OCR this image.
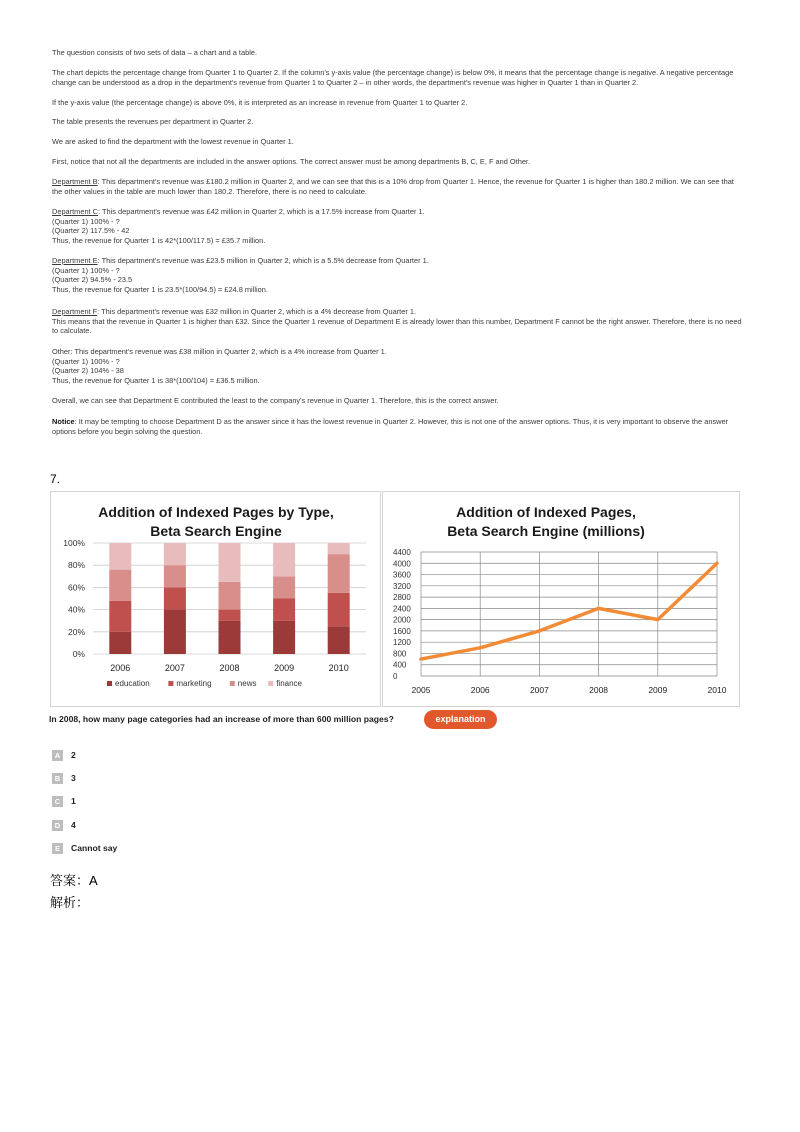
The question consists of two sets of data – a chart and a table.

The chart depicts the percentage change from Quarter 1 to Quarter 2. If the column's y-axis value (the percentage change) is below 0%, it means that the percentage change is negative. A negative percentage change can be understood as a drop in the department's revenue from Quarter 1 to Quarter 2 – in other words, the department's revenue was higher in Quarter 1 than in Quarter 2.

If the y-axis value (the percentage change) is above 0%, it is interpreted as an increase in revenue from Quarter 1 to Quarter 2.

The table presents the revenues per department in Quarter 2.

We are asked to find the department with the lowest revenue in Quarter 1.

First, notice that not all the departments are included in the answer options. The correct answer must be among departments B, C, E, F and Other.

Department B: This department's revenue was £180.2 million in Quarter 2, and we can see that this is a 10% drop from Quarter 1. Hence, the revenue for Quarter 1 is higher than 180.2 million. We can see that the other values in the table are much lower than 180.2. Therefore, there is no need to calculate.

Department C: This department's revenue was £42 million in Quarter 2, which is a 17.5% increase from Quarter 1.

(Quarter 1) 100% - ?

(Quarter 2) 117.5% - 42

Thus, the revenue for Quarter 1 is 42*(100/117.5) = £35.7 million.

Department E: This department's revenue was £23.5 million in Quarter 2, which is a 5.5% decrease from Quarter 1.

(Quarter 1) 100% - ?

(Quarter 2) 94.5% - 23.5

Thus, the revenue for Quarter 1 is 23.5*(100/94.5) = £24.8 million.

Department F: This department's revenue was £32 million in Quarter 2, which is a 4% decrease from Quarter 1.

This means that the revenue in Quarter 1 is higher than £32. Since the Quarter 1 revenue of Department E is already lower than this number, Department F cannot be the right answer. Therefore, there is no need to calculate.

Other: This department's revenue was £38 million in Quarter 2, which is a 4% increase from Quarter 1.

(Quarter 1) 100% - ?

(Quarter 2) 104% - 38

Thus, the revenue for Quarter 1 is 38*(100/104) = £36.5 million.

Overall, we can see that Department E contributed the least to the company's revenue in Quarter 1. Therefore, this is the correct answer.

Notice: It may be tempting to choose Department D as the answer since it has the lowest revenue in Quarter 2. However, this is not one of the answer options. Thus, it is very important to observe the answer options before you begin solving the question.

7.
Addition of Indexed Pages by Type,
Beta Search Engine
0%
20%
40%
60%
80%
100%
2006	2007	2008	2009	2010
education	marketing	news finance
Addition of Indexed Pages,
Beta Search Engine (millions)
0
400
800
1200
1600
2000
2400
2800
3200
3600
4000
4400
2005	2006	2007	2008	2009	2010
In 2008, how many page categories had an increase of more than 600 million pages?	explanation
A	2
B	3
C	1
D	4
E	Cannot say
答案：A
解析：
